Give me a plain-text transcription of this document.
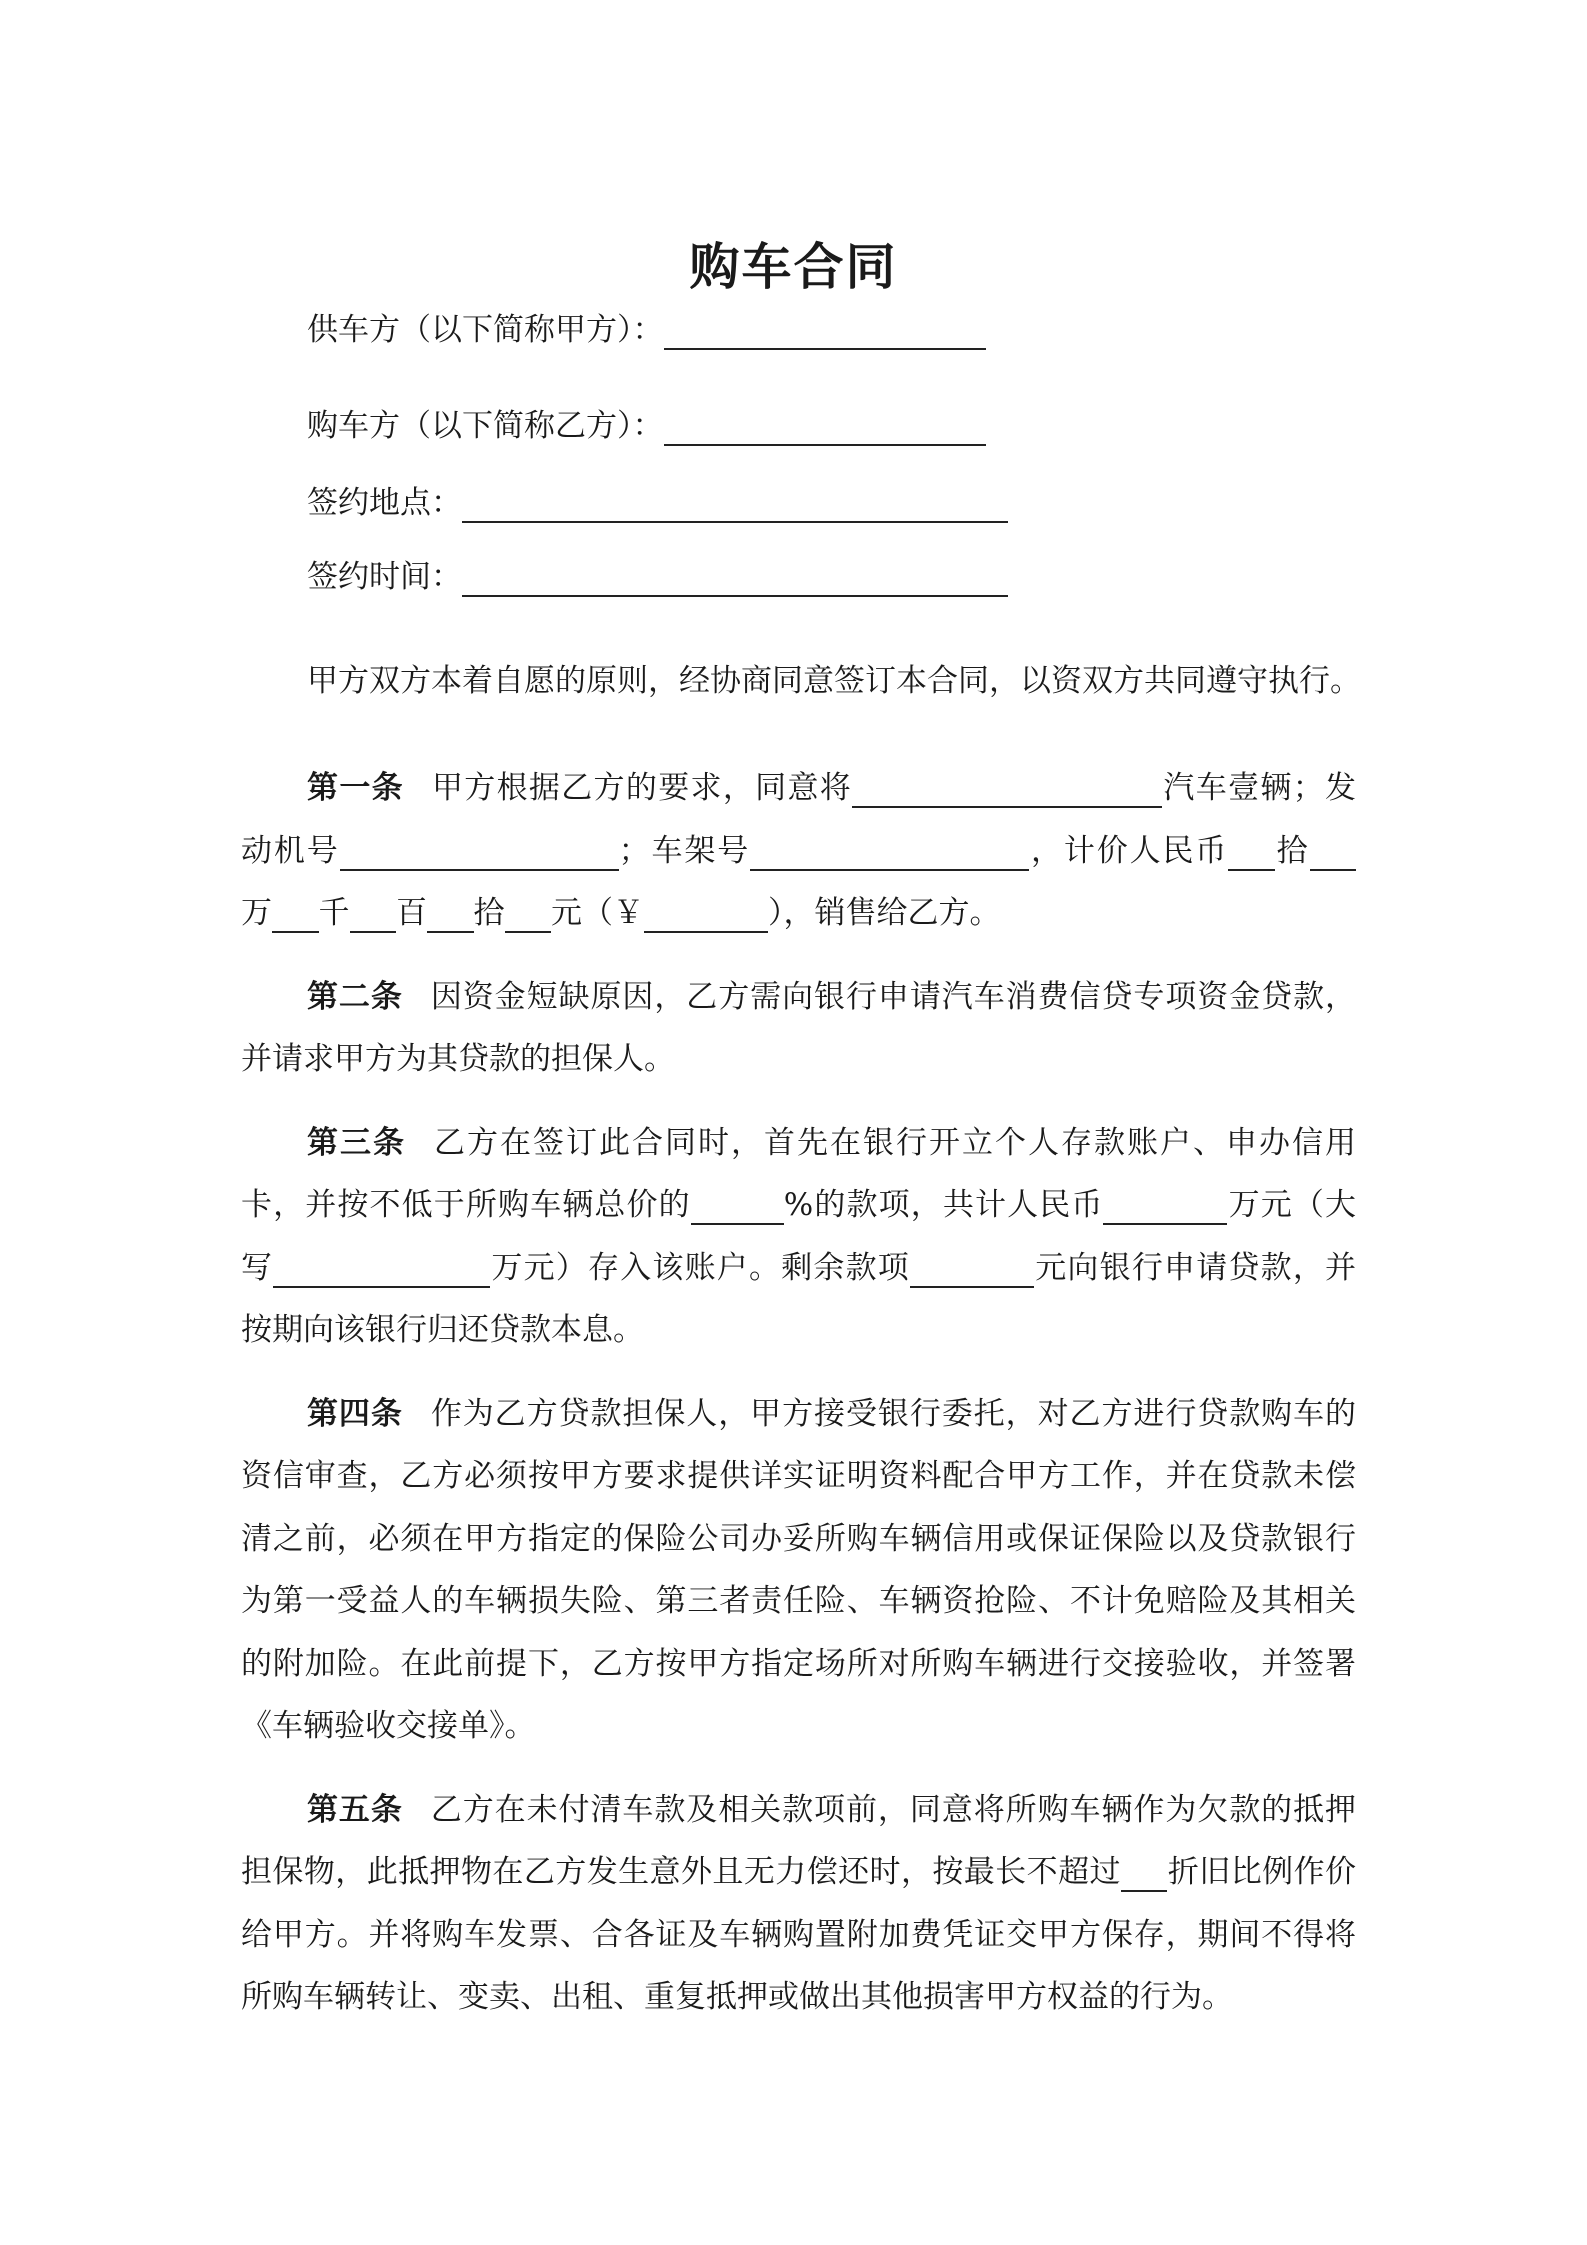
购车合同
供车方（以下简称甲方）：
购车方（以下简称乙方）：
签约地点：
签约时间：
甲方双方本着自愿的原则，经协商同意签订本合同，以资双方共同遵守执行。

第一条 甲方根据乙方的要求，同意将          	汽车壹辆；发动机号         	；车架号         	，计价人民币   拾  万   千   百   拾   元（￥    	），销售给乙方。

第二条 因资金短缺原因，乙方需向银行申请汽车消费信贷专项资金贷款，并请求甲方为其贷款的担保人。

第三条 乙方在签订此合同时，首先在银行开立个人存款账户、申办信用卡，并按不低于所购车辆总价的   	%的款项，共计人民币    	万元（大写       	万元）存入该账户。剩余款项    	元向银行申请贷款，并按期向该银行归还贷款本息。

第四条 作为乙方贷款担保人，甲方接受银行委托，对乙方进行贷款购车的资信审查，乙方必须按甲方要求提供详实证明资料配合甲方工作，并在贷款未偿清之前，必须在甲方指定的保险公司办妥所购车辆信用或保证保险以及贷款银行为第一受益人的车辆损失险、第三者责任险、车辆资抢险、不计免赔险及其相关的附加险。在此前提下，乙方按甲方指定场所对所购车辆进行交接验收，并签署《车辆验收交接单》。

第五条 乙方在未付清车款及相关款项前，同意将所购车辆作为欠款的抵押担保物，此抵押物在乙方发生意外且无力偿还时，按最长不超过   折旧比例作价给甲方。并将购车发票、合各证及车辆购置附加费凭证交甲方保存，期间不得将所购车辆转让、变卖、出租、重复抵押或做出其他损害甲方权益的行为。
